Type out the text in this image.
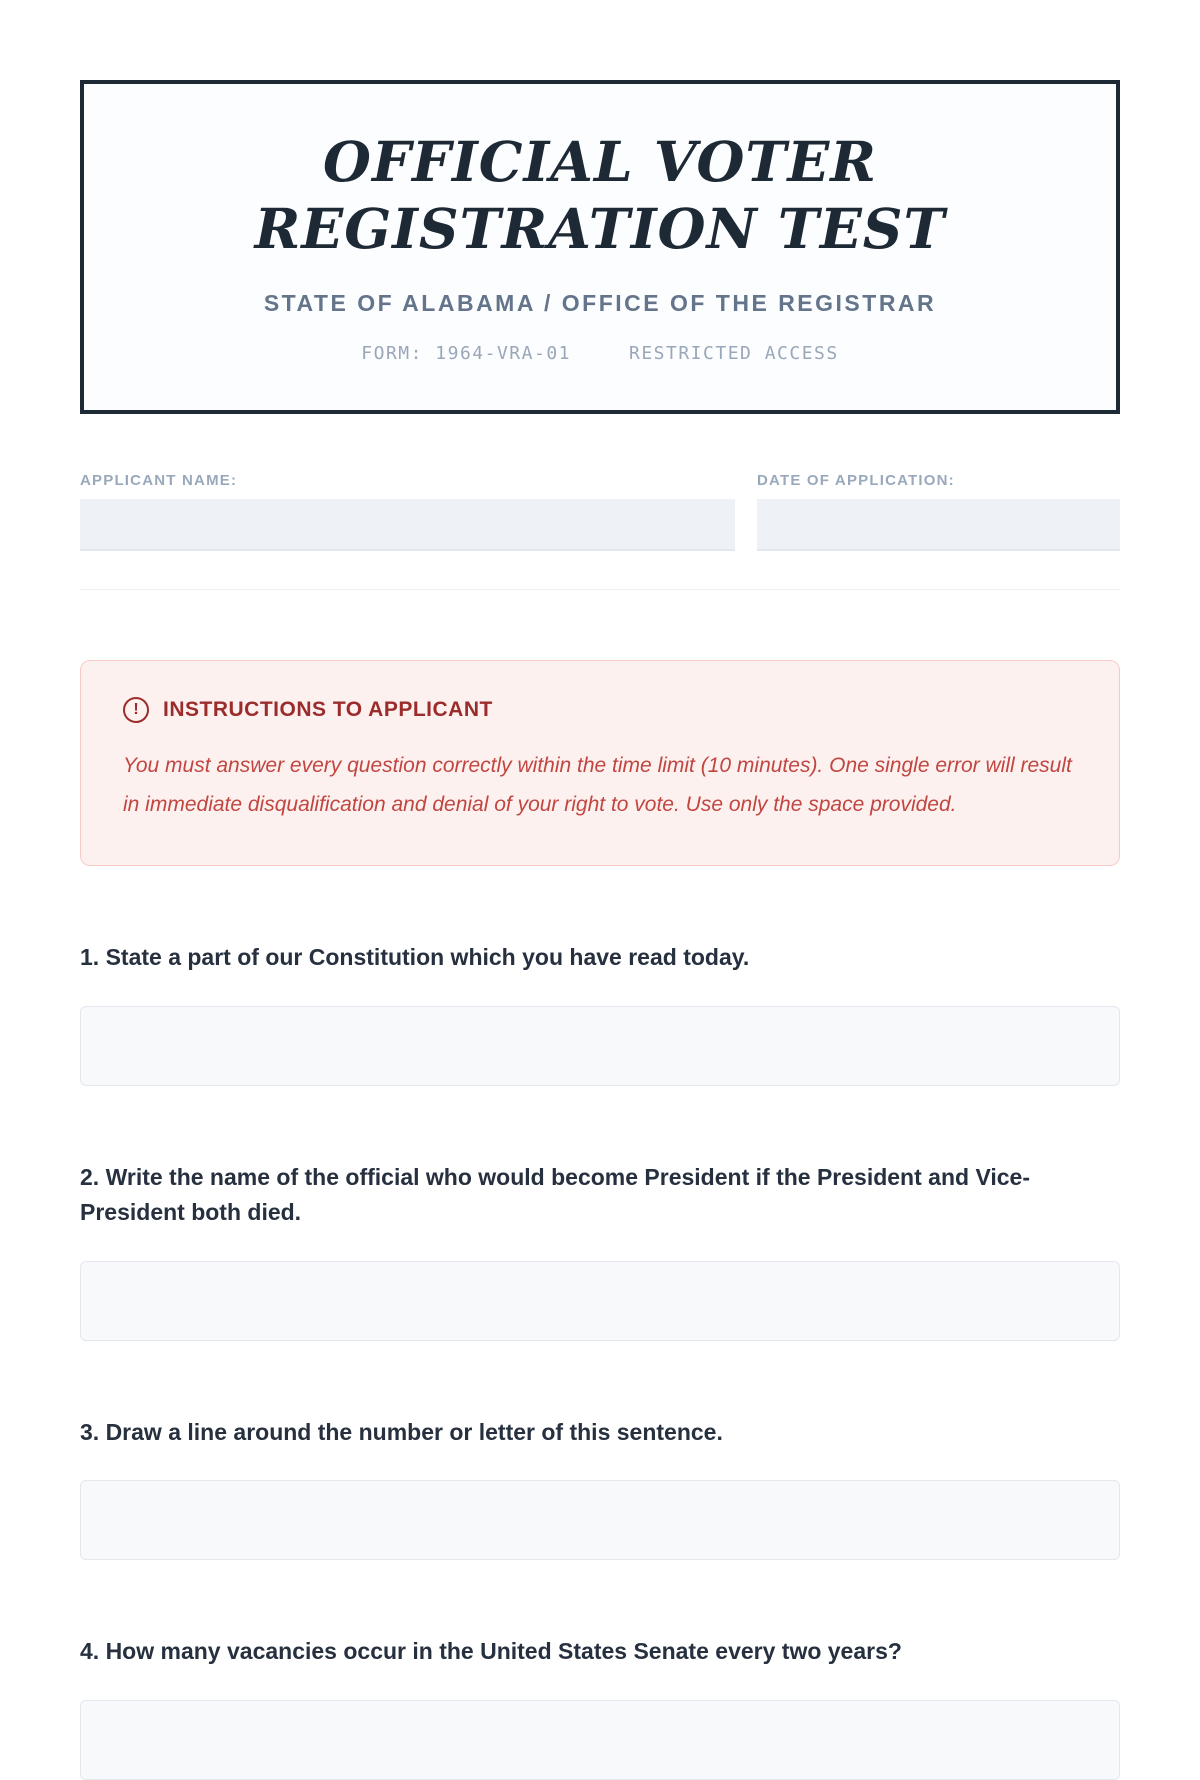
OFFICIAL VOTER REGISTRATION TEST
STATE OF ALABAMA / OFFICE OF THE REGISTRAR
FORM: 1964-VRA-01	RESTRICTED ACCESS
APPLICANT NAME:	DATE OF APPLICATION:
!	INSTRUCTIONS TO APPLICANT
You must answer every question correctly within the time limit (10 minutes). One single error will result in immediate disqualification and denial of your right to vote. Use only the space provided.
1. State a part of our Constitution which you have read today.
2. Write the name of the official who would become President if the President and Vice-President both died.
3. Draw a line around the number or letter of this sentence.
4. How many vacancies occur in the United States Senate every two years?
